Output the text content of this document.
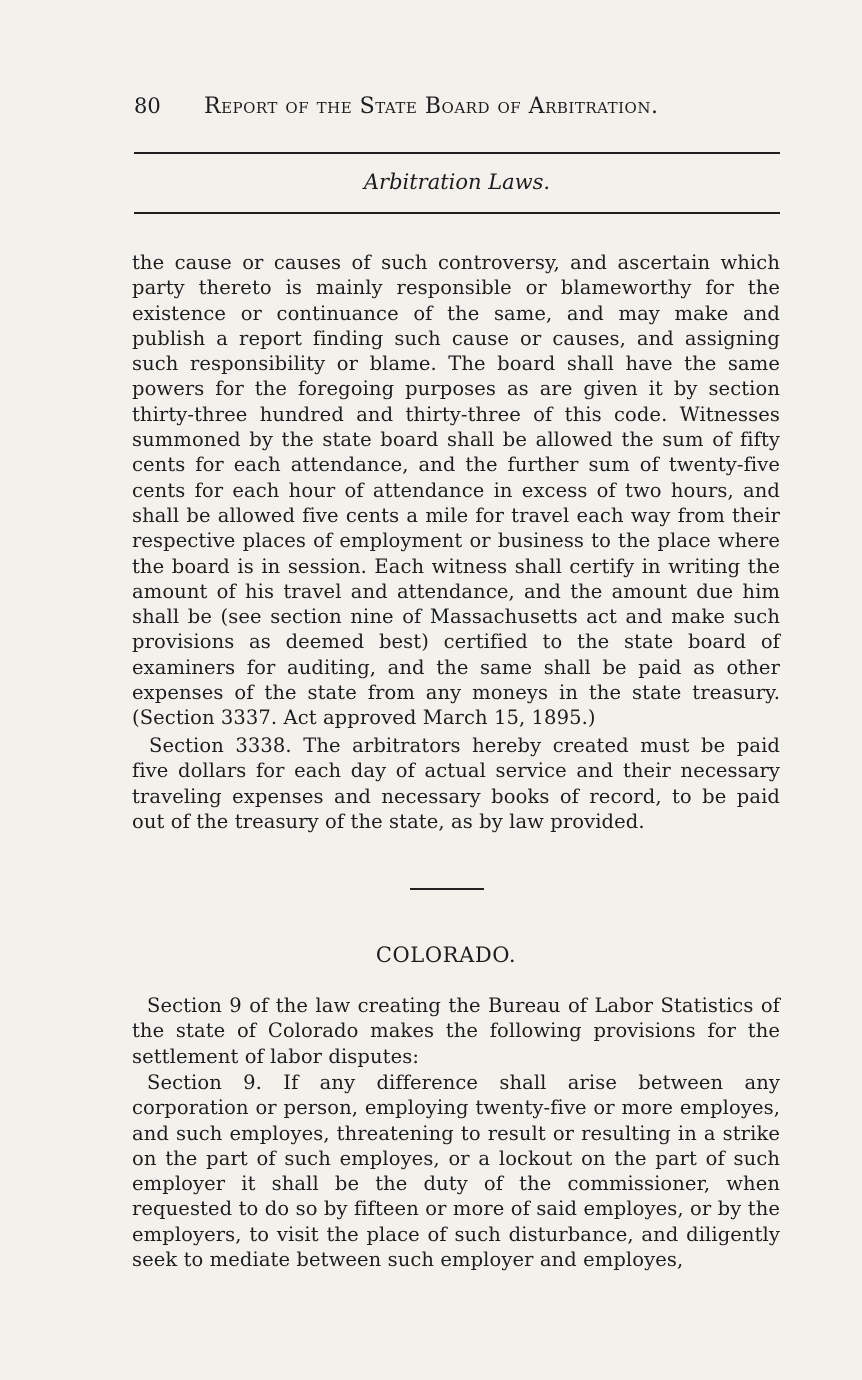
80 Report of the State Board of Arbitration.
Arbitration Laws.

the cause or causes of such controversy, and ascertain which party thereto is mainly responsible or blameworthy for the existence or continuance of the same, and may make and publish a report finding such cause or causes, and assigning such responsibility or blame. The board shall have the same powers for the foregoing purposes as are given it by section thirty-three hundred and thirty-three of this code. Witnesses summoned by the state board shall be allowed the sum of fifty cents for each attendance, and the further sum of twenty-five cents for each hour of attendance in excess of two hours, and shall be allowed five cents a mile for travel each way from their respective places of employment or business to the place where the board is in session. Each witness shall certify in writing the amount of his travel and attendance, and the amount due him shall be (see section nine of Massachusetts act and make such provisions as deemed best) certified to the state board of examiners for auditing, and the same shall be paid as other expenses of the state from any moneys in the state treasury. (Section 3337. Act approved March 15, 1895.)

Section 3338. The arbitrators hereby created must be paid five dollars for each day of actual service and their necessary traveling expenses and necessary books of record, to be paid out of the treasury of the state, as by law provided.

COLORADO.

Section 9 of the law creating the Bureau of Labor Statistics of the state of Colorado makes the following provisions for the settlement of labor disputes:

Section 9. If any difference shall arise between any corporation or person, employing twenty-five or more employes, and such employes, threatening to result or resulting in a strike on the part of such employes, or a lockout on the part of such employer it shall be the duty of the commissioner, when requested to do so by fifteen or more of said employes, or by the employers, to visit the place of such disturbance, and diligently seek to mediate between such employer and employes,
